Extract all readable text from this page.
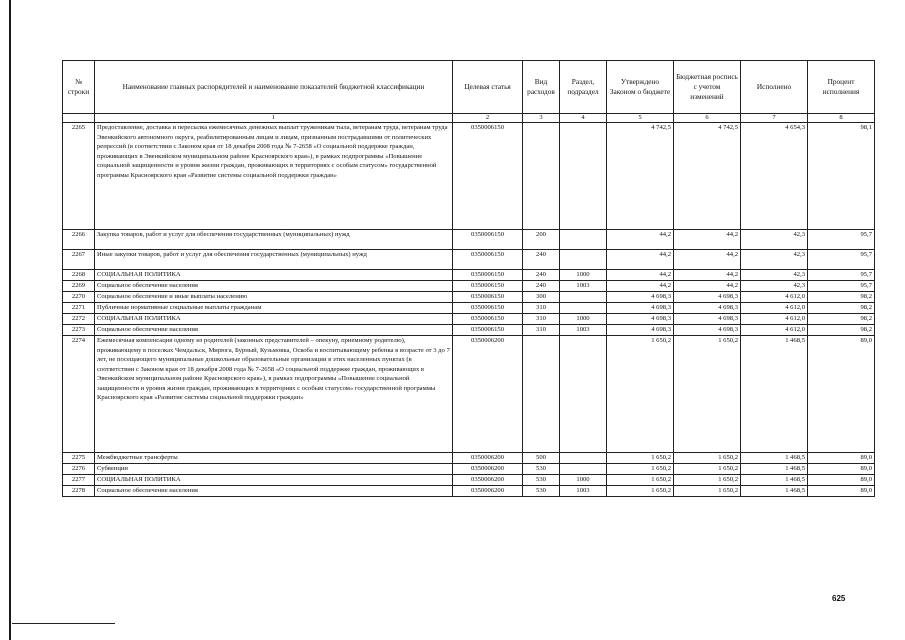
№ строки	Наименование главных распорядителей и наименование показателей бюджетной классификации	Целевая статья	Вид расходов	Раздел, подраздел	Утверждено Законом о бюджете	Бюджетная роспись с учетом изменений	Исполнено	Процент исполнения
	1	2	3	4	5	6	7	8
2265	Предоставление, доставка и пересылка ежемесячных денежных выплат труженикам тыла, ветеранам труда, ветеранам труда Эвенкийского автономного округа, реабилитированным лицам и лицам, признанным пострадавшими от политических репрессий (в соответствии с Законом края от 18 декабря 2008 года № 7-2658 «О социальной поддержке граждан, проживающих в Эвенкийском муниципальном районе Красноярского края»), в рамках подпрограммы «Повышение социальной защищенности и уровня жизни граждан, проживающих в территориях с особым статусом» государственной программы Красноярского края «Развитие системы социальной поддержки граждан»	0350006150			4 742,5	4 742,5	4 654,3	98,1
2266	Закупка товаров, работ и услуг для обеспечения государственных (муниципальных) нужд	0350006150	200		44,2	44,2	42,3	95,7
2267	Иные закупки товаров, работ и услуг для обеспечения государственных (муниципальных) нужд	0350006150	240		44,2	44,2	42,3	95,7
2268	СОЦИАЛЬНАЯ ПОЛИТИКА	0350006150	240	1000	44,2	44,2	42,3	95,7
2269	Социальное обеспечение населения	0350006150	240	1003	44,2	44,2	42,3	95,7
2270	Социальное обеспечение и иные выплаты населению	0350006150	300		4 698,3	4 698,3	4 612,0	98,2
2271	Публичные нормативные социальные выплаты гражданам	0350006150	310		4 698,3	4 698,3	4 612,0	98,2
2272	СОЦИАЛЬНАЯ ПОЛИТИКА	0350006150	310	1000	4 698,3	4 698,3	4 612,0	98,2
2273	Социальное обеспечение населения	0350006150	310	1003	4 698,3	4 698,3	4 612,0	98,2
2274	Ежемесячная компенсация одному из родителей (законных представителей – опекуну, приемному родителю), проживающему в поселках Чемдальск, Мирюга, Бурный, Кузьмовка, Оскоба и воспитывающему ребенка в возрасте от 3 до 7 лет, не посещающего муниципальные дошкольные образовательные организации в этих населенных пунктах (в соответствии с Законом края от 18 декабря 2008 года № 7-2658 «О социальной поддержке граждан, проживающих в Эвенкийском муниципальном районе Красноярского края»), в рамках подпрограммы «Повышение социальной защищенности и уровня жизни граждан, проживающих в территориях с особым статусом» государственной программы Красноярского края «Развитие системы социальной поддержки граждан»	0350006200			1 650,2	1 650,2	1 468,5	89,0
2275	Межбюджетные трансферты	0350006200	500		1 650,2	1 650,2	1 468,5	89,0
2276	Субвенции	0350006200	530		1 650,2	1 650,2	1 468,5	89,0
2277	СОЦИАЛЬНАЯ ПОЛИТИКА	0350006200	530	1000	1 650,2	1 650,2	1 468,5	89,0
2278	Социальное обеспечение населения	0350006200	530	1003	1 650,2	1 650,2	1 468,5	89,0
625
